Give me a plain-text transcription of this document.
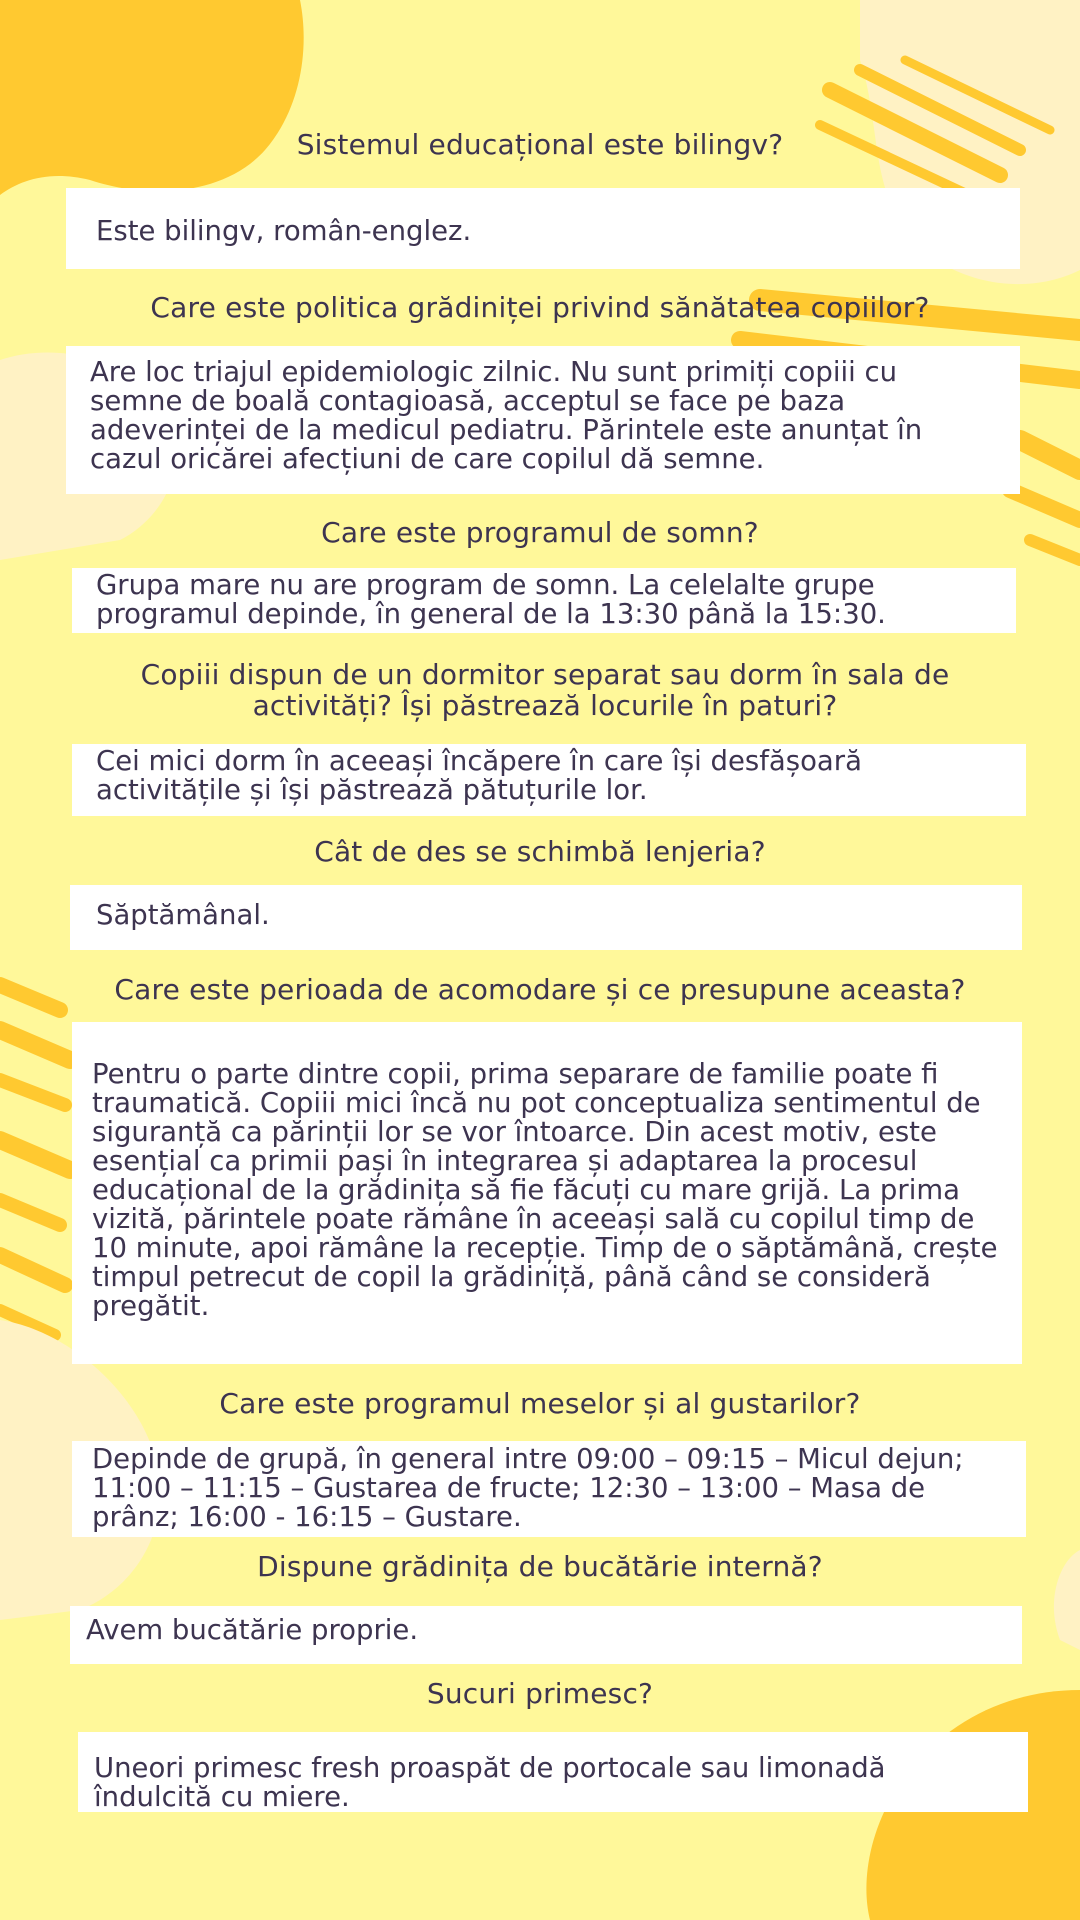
Sistemul educațional este bilingv?
Este bilingv, român-englez.
Care este politica grădiniței privind sănătatea copiilor?
Are loc triajul epidemiologic zilnic. Nu sunt primiți copiii cu semne de boală contagioasă, acceptul se face pe baza adeverinței de la medicul pediatru. Părintele este anunțat în cazul oricărei afecțiuni de care copilul dă semne.
Care este programul de somn?
Grupa mare nu are program de somn. La celelalte grupe programul depinde, în general de la 13:30 până la 15:30.
Copiii dispun de un dormitor separat sau dorm în sala de activități? Își păstrează locurile în paturi?
Cei mici dorm în aceeași încăpere în care își desfășoară activitățile și își păstrează pătuțurile lor.
Cât de des se schimbă lenjeria?
Săptămânal.
Care este perioada de acomodare și ce presupune aceasta?
Pentru o parte dintre copii, prima separare de familie poate fi traumatică. Copiii mici încă nu pot conceptualiza sentimentul de siguranță ca părinții lor se vor întoarce. Din acest motiv, este esențial ca primii pași în integrarea și adaptarea la procesul educațional de la grădinița să fie făcuți cu mare grijă. La prima vizită, părintele poate rămâne în aceeași sală cu copilul timp de 10 minute, apoi rămâne la recepție. Timp de o săptămână, crește timpul petrecut de copil la grădiniță, până când se consideră pregătit.
Care este programul meselor și al gustarilor?
Depinde de grupă, în general intre 09:00 – 09:15 – Micul dejun; 11:00 – 11:15 – Gustarea de fructe; 12:30 – 13:00 – Masa de prânz; 16:00 - 16:15 – Gustare.
Dispune grădinița de bucătărie internă?
Avem bucătărie proprie.
Sucuri primesc?
Uneori primesc fresh proaspăt de portocale sau limonadă îndulcită cu miere.
